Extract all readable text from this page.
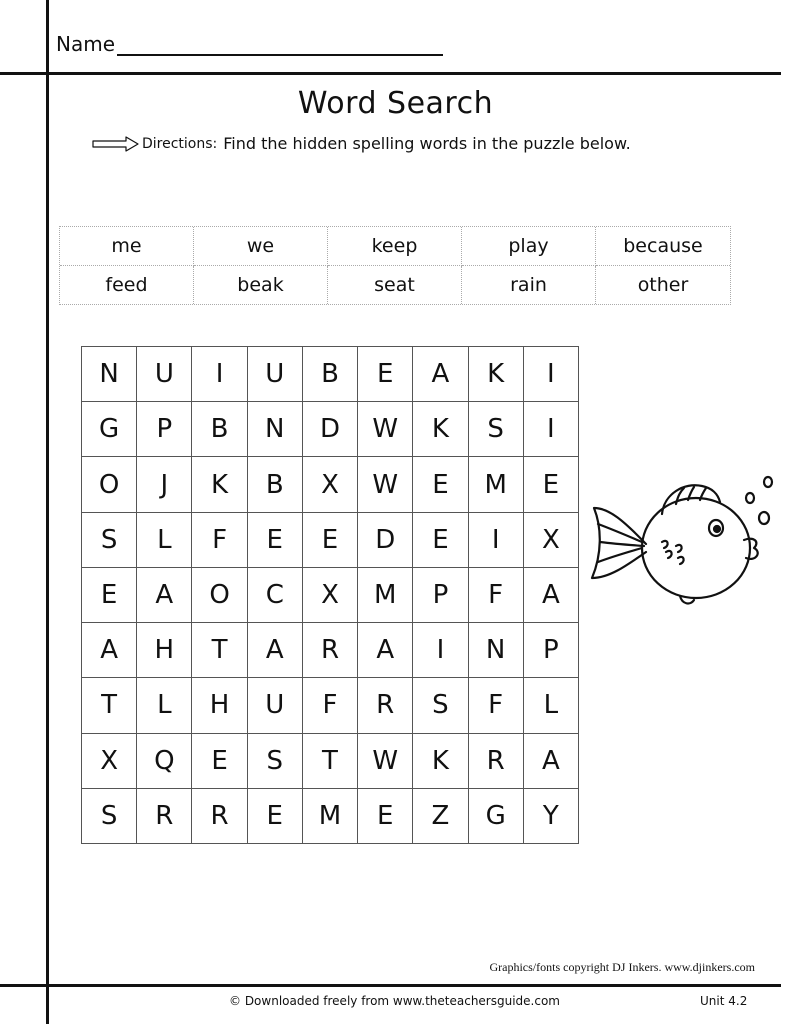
Name
Word Search
Directions: Find the hidden spelling words in the puzzle below.
me	we	keep	play	because
feed	beak	seat	rain	other
N	U	I	U	B	E	A	K	I
G	P	B	N	D	W	K	S	I
O	J	K	B	X	W	E	M	E
S	L	F	E	E	D	E	I	X
E	A	O	C	X	M	P	F	A
A	H	T	A	R	A	I	N	P
T	L	H	U	F	R	S	F	L
X	Q	E	S	T	W	K	R	A
S	R	R	E	M	E	Z	G	Y
Graphics/fonts copyright DJ Inkers. www.djinkers.com
© Downloaded freely from www.theteachersguide.com	Unit 4.2
